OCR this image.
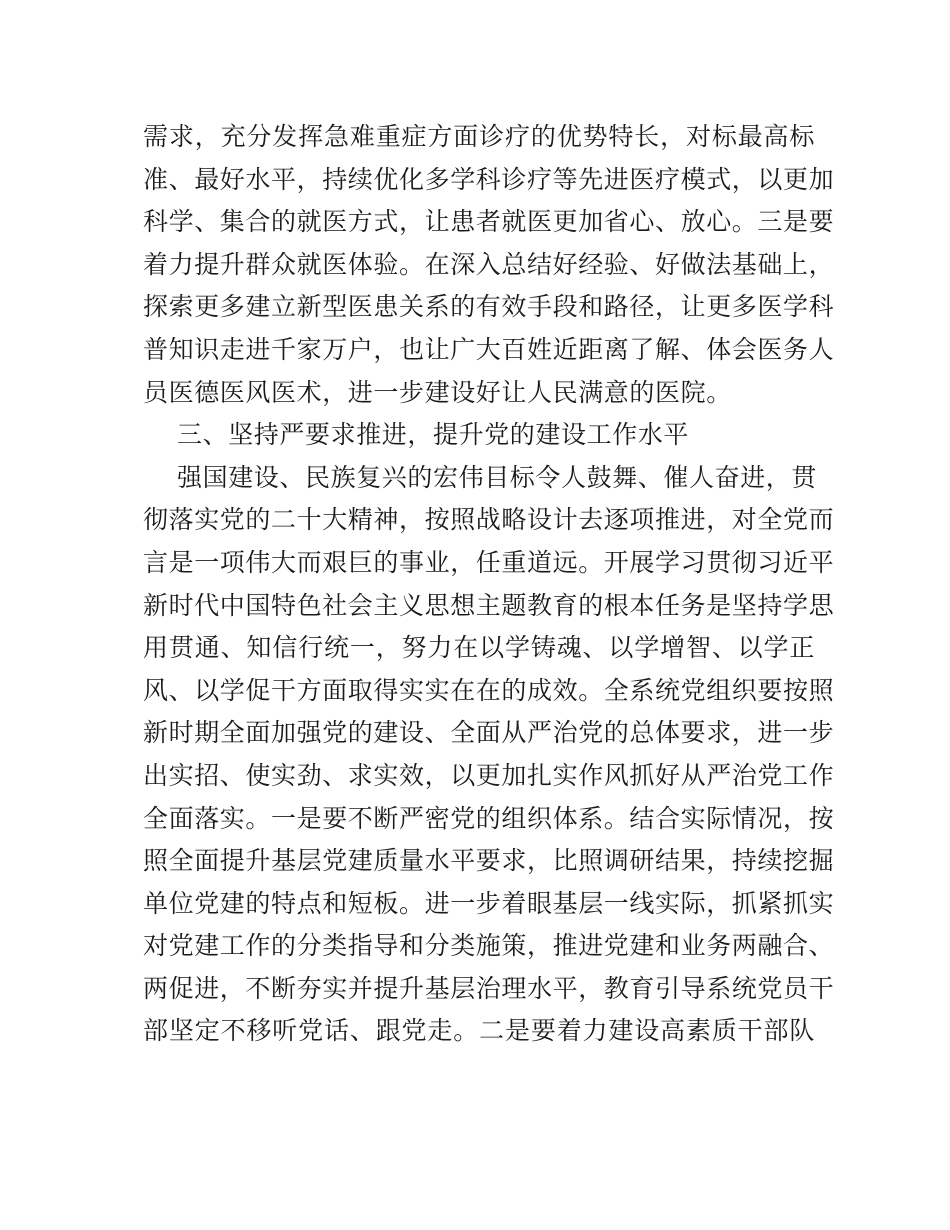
需求，充分发挥急难重症方面诊疗的优势特长，对标最高标
准、最好水平，持续优化多学科诊疗等先进医疗模式，以更加
科学、集合的就医方式，让患者就医更加省心、放心。三是要
着力提升群众就医体验。在深入总结好经验、好做法基础上，
探索更多建立新型医患关系的有效手段和路径，让更多医学科
普知识走进千家万户，也让广大百姓近距离了解、体会医务人
员医德医风医术，进一步建设好让人民满意的医院。
三、坚持严要求推进，提升党的建设工作水平
强国建设、民族复兴的宏伟目标令人鼓舞、催人奋进，贯
彻落实党的二十大精神，按照战略设计去逐项推进，对全党而
言是一项伟大而艰巨的事业，任重道远。开展学习贯彻习近平
新时代中国特色社会主义思想主题教育的根本任务是坚持学思
用贯通、知信行统一，努力在以学铸魂、以学增智、以学正
风、以学促干方面取得实实在在的成效。全系统党组织要按照
新时期全面加强党的建设、全面从严治党的总体要求，进一步
出实招、使实劲、求实效，以更加扎实作风抓好从严治党工作
全面落实。一是要不断严密党的组织体系。结合实际情况，按
照全面提升基层党建质量水平要求，比照调研结果，持续挖掘
单位党建的特点和短板。进一步着眼基层一线实际，抓紧抓实
对党建工作的分类指导和分类施策，推进党建和业务两融合、
两促进，不断夯实并提升基层治理水平，教育引导系统党员干
部坚定不移听党话、跟党走。二是要着力建设高素质干部队
